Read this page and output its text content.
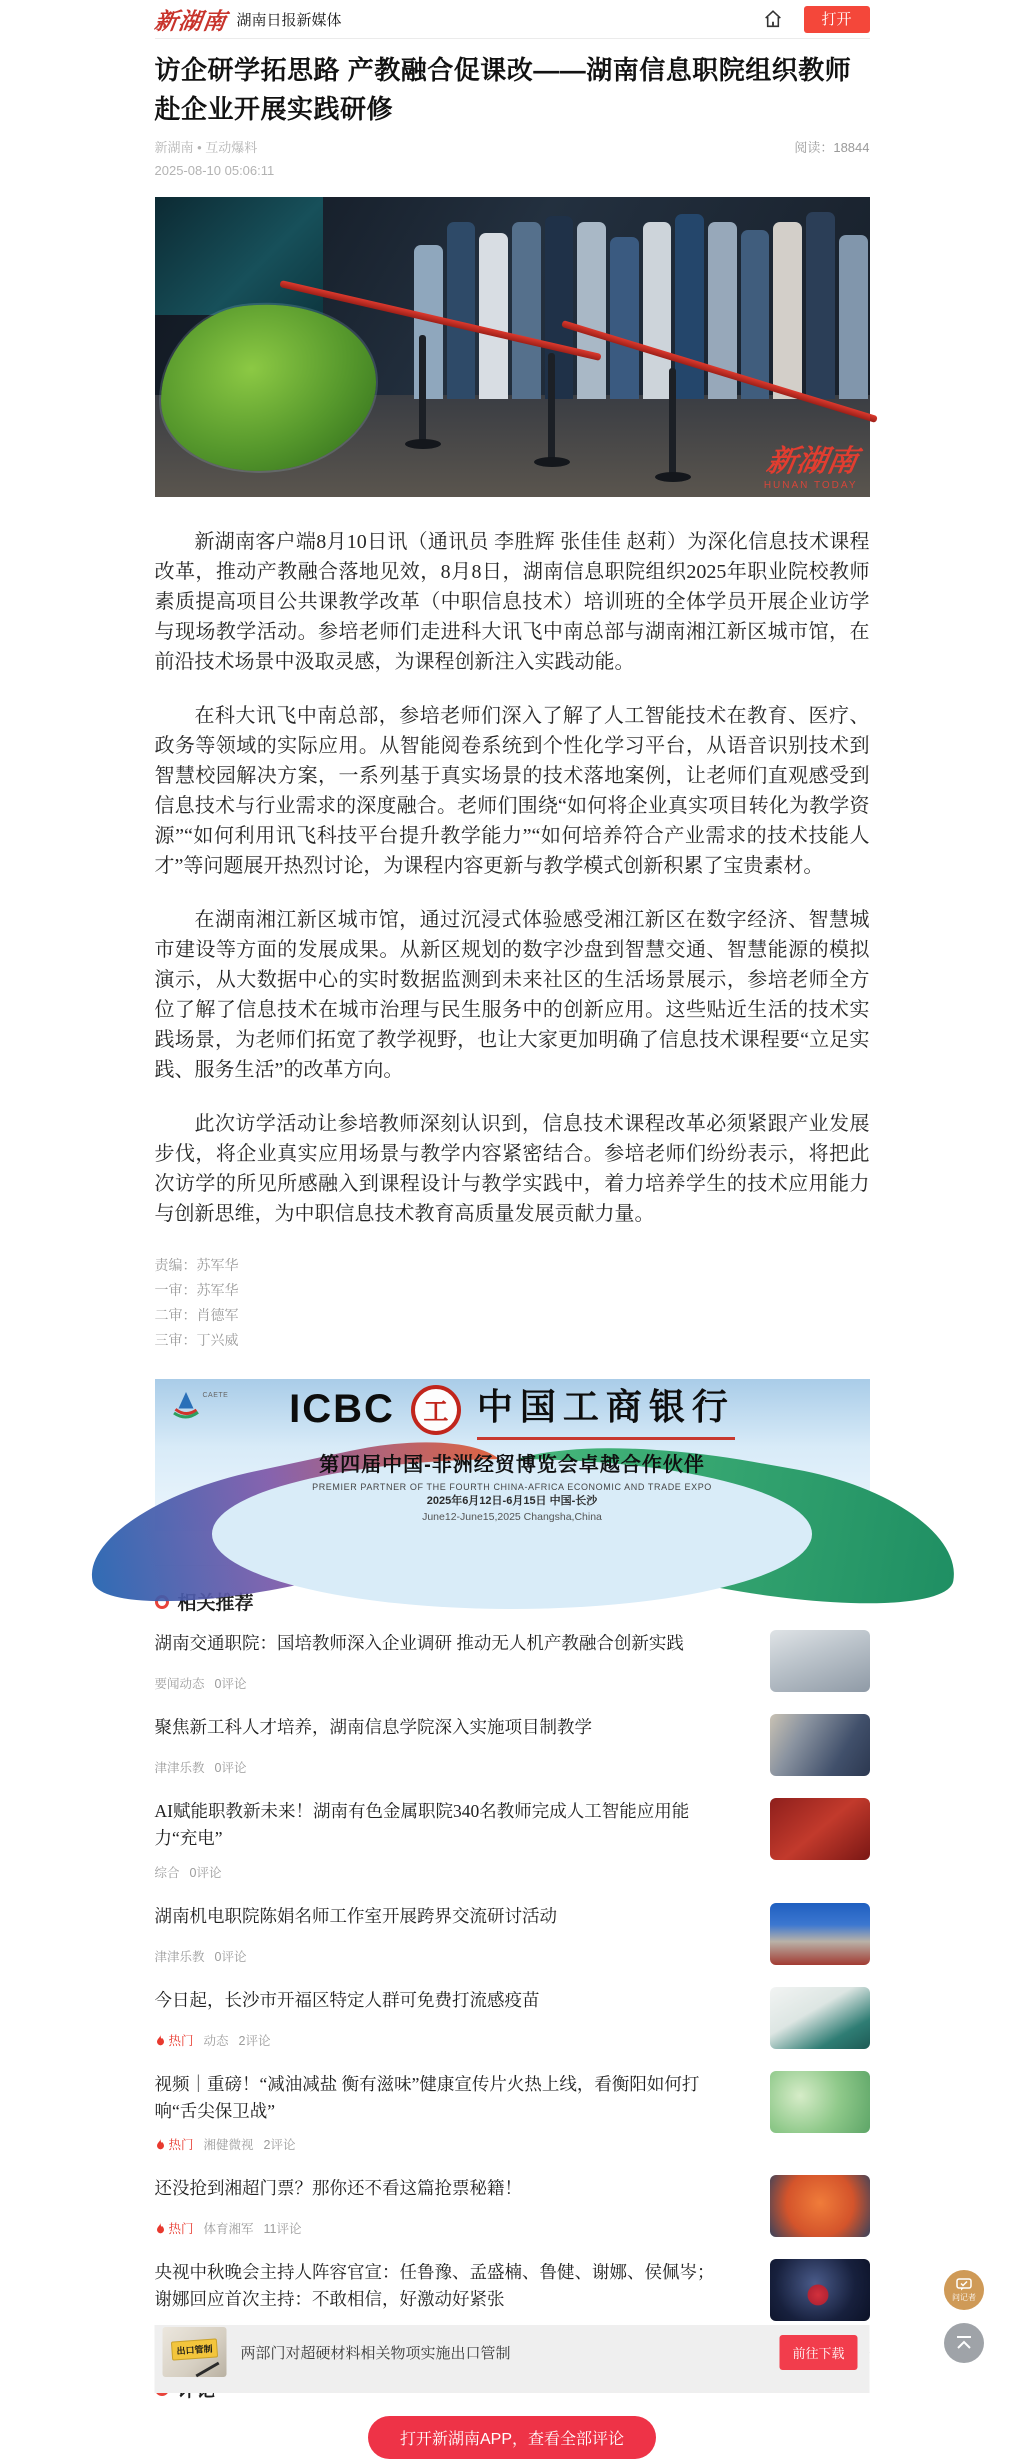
新湖南 湖南日报新媒体	打开
访企研学拓思路 产教融合促课改——湖南信息职院组织教师赴企业开展实践研修
新湖南 • 互动爆料
2025-08-10 05:06:11
阅读：18844
新湖南
HUNAN TODAY

新湖南客户端8月10日讯（通讯员 李胜辉 张佳佳 赵莉）为深化信息技术课程改革，推动产教融合落地见效，8月8日，湖南信息职院组织2025年职业院校教师素质提高项目公共课教学改革（中职信息技术）培训班的全体学员开展企业访学与现场教学活动。参培老师们走进科大讯飞中南总部与湖南湘江新区城市馆，在前沿技术场景中汲取灵感，为课程创新注入实践动能。

在科大讯飞中南总部，参培老师们深入了解了人工智能技术在教育、医疗、政务等领域的实际应用。从智能阅卷系统到个性化学习平台，从语音识别技术到智慧校园解决方案，一系列基于真实场景的技术落地案例，让老师们直观感受到信息技术与行业需求的深度融合。老师们围绕“如何将企业真实项目转化为教学资源”“如何利用讯飞科技平台提升教学能力”“如何培养符合产业需求的技术技能人才”等问题展开热烈讨论，为课程内容更新与教学模式创新积累了宝贵素材。

在湖南湘江新区城市馆，通过沉浸式体验感受湘江新区在数字经济、智慧城市建设等方面的发展成果。从新区规划的数字沙盘到智慧交通、智慧能源的模拟演示，从大数据中心的实时数据监测到未来社区的生活场景展示，参培老师全方位了解了信息技术在城市治理与民生服务中的创新应用。这些贴近生活的技术实践场景，为老师们拓宽了教学视野，也让大家更加明确了信息技术课程要“立足实践、服务生活”的改革方向。

此次访学活动让参培教师深刻认识到，信息技术课程改革必须紧跟产业发展步伐，将企业真实应用场景与教学内容紧密结合。参培老师们纷纷表示，将把此次访学的所见所感融入到课程设计与教学实践中，着力培养学生的技术应用能力与创新思维，为中职信息技术教育高质量发展贡献力量。

责编：苏军华
一审：苏军华
二审：肖德军
三审：丁兴威
CAETE ICBC 工 中国工商银行
第四届中国-非洲经贸博览会卓越合作伙伴
PREMIER PARTNER OF THE FOURTH CHINA-AFRICA ECONOMIC AND TRADE EXPO
2025年6月12日-6月15日 中国-长沙
June12-June15,2025 Changsha,China
相关推荐
湖南交通职院：国培教师深入企业调研 推动无人机产教融合创新实践
要闻动态 0评论
聚焦新工科人才培养，湖南信息学院深入实施项目制教学
津津乐教 0评论
AI赋能职教新未来！湖南有色金属职院340名教师完成人工智能应用能力“充电”
综合 0评论
湖南机电职院陈娟名师工作室开展跨界交流研讨活动
津津乐教 0评论
今日起，长沙市开福区特定人群可免费打流感疫苗
热门 动态 2评论
视频｜重磅！“减油减盐 衡有滋味”健康宣传片火热上线，看衡阳如何打响“舌尖保卫战”
热门 湘健微视 2评论
还没抢到湘超门票？那你还不看这篇抢票秘籍！
热门 体育湘军 11评论
央视中秋晚会主持人阵容官宣：任鲁豫、孟盛楠、鲁健、谢娜、侯佩岑；谢娜回应首次主持：不敢相信，好激动好紧张
打开新湖南APP，查看全部评论
出口管制	两部门对超硬材料相关物项实施出口管制	前往下载
问记者
